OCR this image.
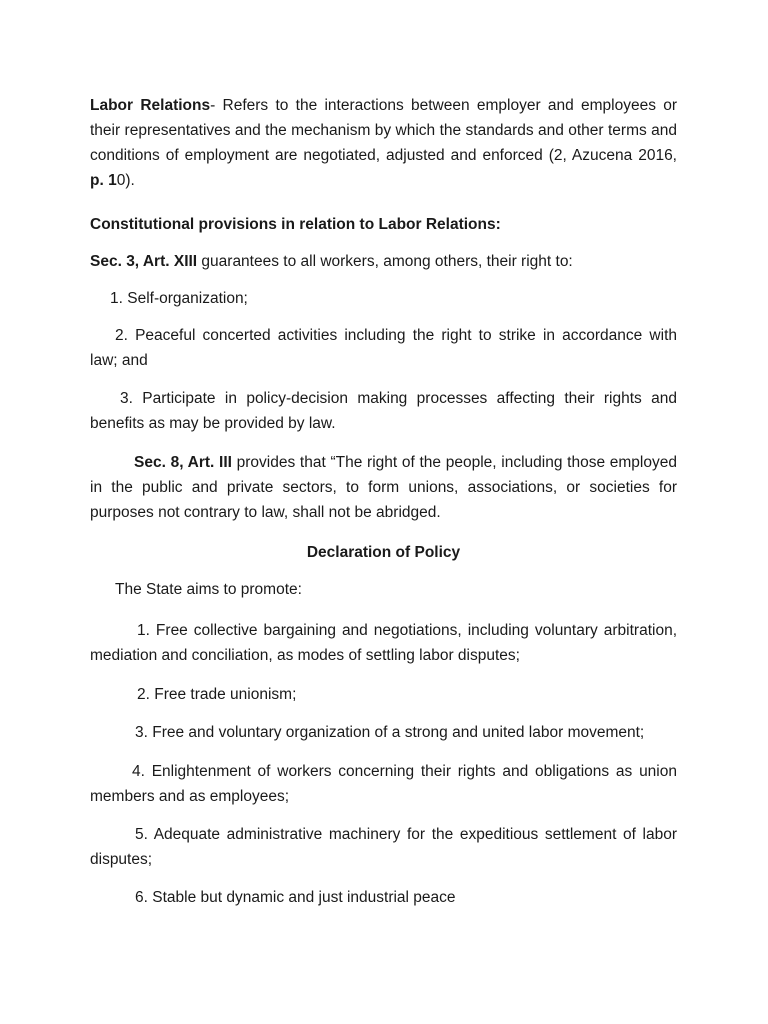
Labor Relations- Refers to the interactions between employer and employees or their representatives and the mechanism by which the standards and other terms and conditions of employment are negotiated, adjusted and enforced (2, Azucena 2016, p. 10).

Constitutional provisions in relation to Labor Relations:

Sec. 3, Art. XIII guarantees to all workers, among others, their right to:

1. Self-organization;

2. Peaceful concerted activities including the right to strike in accordance with law; and

3. Participate in policy-decision making processes affecting their rights and benefits as may be provided by law.

Sec. 8, Art. III provides that “The right of the people, including those employed in the public and private sectors, to form unions, associations, or societies for purposes not contrary to law, shall not be abridged.

Declaration of Policy

The State aims to promote:

1. Free collective bargaining and negotiations, including voluntary arbitration, mediation and conciliation, as modes of settling labor disputes;

2. Free trade unionism;

3. Free and voluntary organization of a strong and united labor movement;

4. Enlightenment of workers concerning their rights and obligations as union members and as employees;

5. Adequate administrative machinery for the expeditious settlement of labor disputes;

6. Stable but dynamic and just industrial peace
